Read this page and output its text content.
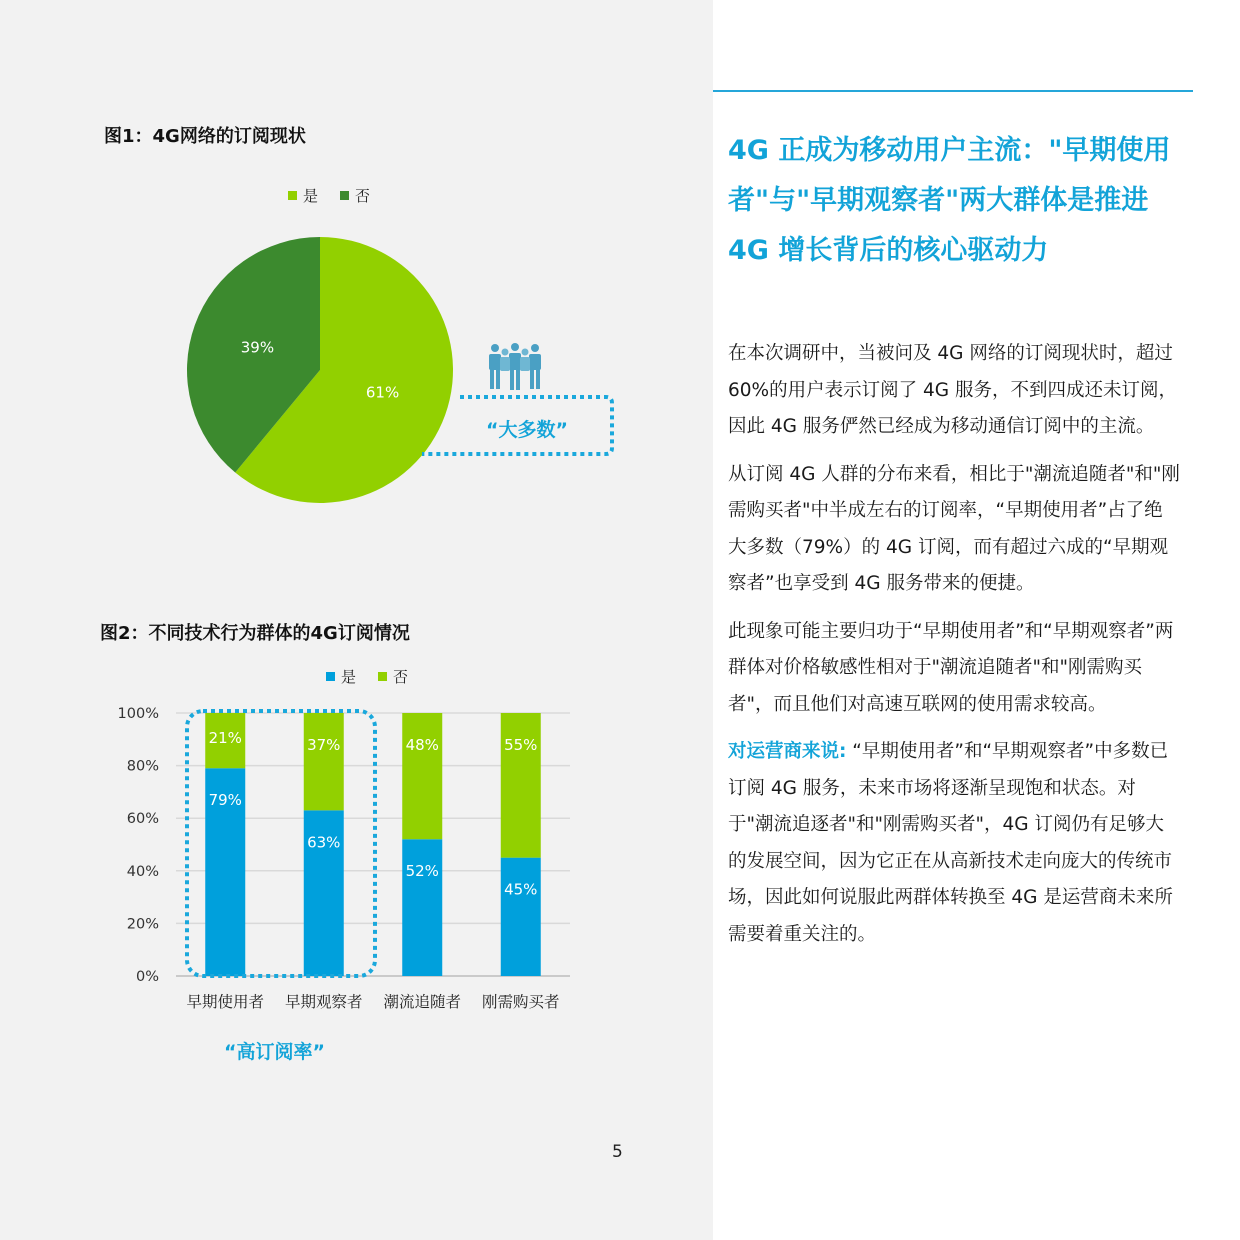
图1：4G网络的订阅现状
是 否
61%
39%
“大多数”
图2：不同技术行为群体的4G订阅情况
是 否
0%
20%
40%
60%
80%
100%
79%
21%
早期使用者
63%
37%
早期观察者
52%
48%
潮流追随者
45%
55%
刚需购买者
“高订阅率”
5
4G 正成为移动用户主流："早期使用者"与"早期观察者"两大群体是推进 4G 增长背后的核心驱动力

在本次调研中，当被问及 4G 网络的订阅现状时，超过 60%的用户表示订阅了 4G 服务，不到四成还未订阅，因此 4G 服务俨然已经成为移动通信订阅中的主流。

从订阅 4G 人群的分布来看，相比于"潮流追随者"和"刚需购买者"中半成左右的订阅率，“早期使用者”占了绝大多数（79%）的 4G 订阅，而有超过六成的“早期观察者”也享受到 4G 服务带来的便捷。

此现象可能主要归功于“早期使用者”和“早期观察者”两群体对价格敏感性相对于"潮流追随者"和"刚需购买者"，而且他们对高速互联网的使用需求较高。

对运营商来说: “早期使用者”和“早期观察者”中多数已订阅 4G 服务，未来市场将逐渐呈现饱和状态。对于"潮流追逐者"和"刚需购买者"，4G 订阅仍有足够大的发展空间，因为它正在从高新技术走向庞大的传统市场，因此如何说服此两群体转换至 4G 是运营商未来所需要着重关注的。
